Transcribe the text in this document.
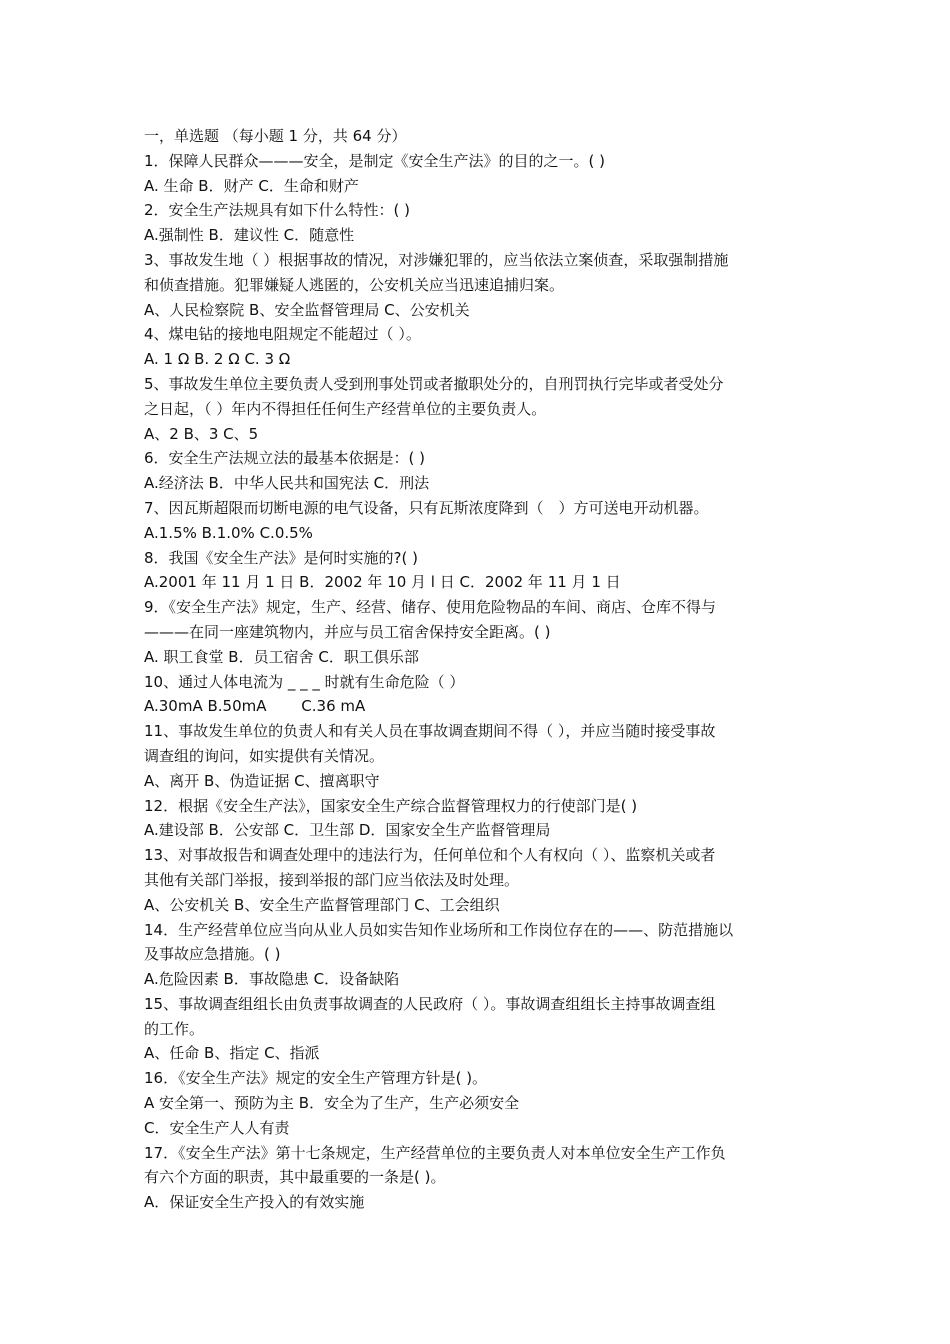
一，单选题 （每小题 1 分，共 64 分）
1．保障人民群众———安全，是制定《安全生产法》的目的之一。( )
A. 生命 B．财产 C．生命和财产
2．安全生产法规具有如下什么特性：( )
A.强制性 B．建议性 C．随意性
3、事故发生地（ ）根据事故的情况，对涉嫌犯罪的，应当依法立案侦查，采取强制措施
和侦查措施。犯罪嫌疑人逃匿的，公安机关应当迅速追捕归案。
A、人民检察院 B、安全监督管理局 C、公安机关
4、煤电钻的接地电阻规定不能超过（ ）。
A. 1 Ω B. 2 Ω C. 3 Ω
5、事故发生单位主要负责人受到刑事处罚或者撤职处分的，自刑罚执行完毕或者受处分
之日起，（ ）年内不得担任任何生产经营单位的主要负责人。
A、2 B、3 C、5
6．安全生产法规立法的最基本依据是：( )
A.经济法 B．中华人民共和国宪法 C．刑法
7、因瓦斯超限而切断电源的电气设备，只有瓦斯浓度降到（　）方可送电开动机器。
A.1.5% B.1.0% C.0.5%
8．我国《安全生产法》是何时实施的?( )
A.2001 年 11 月 1 日 B．2002 年 10 月 l 日 C．2002 年 11 月 1 日
9．《安全生产法》规定，生产、经营、储存、使用危险物品的车间、商店、仓库不得与
———在同一座建筑物内，并应与员工宿舍保持安全距离。( )
A. 职工食堂 B．员工宿舍 C．职工俱乐部
10、通过人体电流为 _ _ _ 时就有生命危险（ ）
A.30mA B.50mA 　　C.36 mA
11、事故发生单位的负责人和有关人员在事故调查期间不得（ ），并应当随时接受事故
调查组的询问，如实提供有关情况。
A、离开 B、伪造证据 C、擅离职守
12．根据《安全生产法》，国家安全生产综合监督管理权力的行使部门是( )
A.建设部 B．公安部 C．卫生部 D．国家安全生产监督管理局
13、对事故报告和调查处理中的违法行为，任何单位和个人有权向（ ）、监察机关或者
其他有关部门举报，接到举报的部门应当依法及时处理。
A、公安机关 B、安全生产监督管理部门 C、工会组织
14．生产经营单位应当向从业人员如实告知作业场所和工作岗位存在的——、防范措施以
及事故应急措施。( )
A.危险因素 B．事故隐患 C．设备缺陷
15、事故调查组组长由负责事故调查的人民政府（ ）。事故调查组组长主持事故调查组
的工作。
A、任命 B、指定 C、指派
16．《安全生产法》规定的安全生产管理方针是( )。
A 安全第一、预防为主 B．安全为了生产，生产必须安全
C．安全生产人人有责
17．《安全生产法》第十七条规定，生产经营单位的主要负责人对本单位安全生产工作负
有六个方面的职责，其中最重要的一条是( )。
A．保证安全生产投入的有效实施
